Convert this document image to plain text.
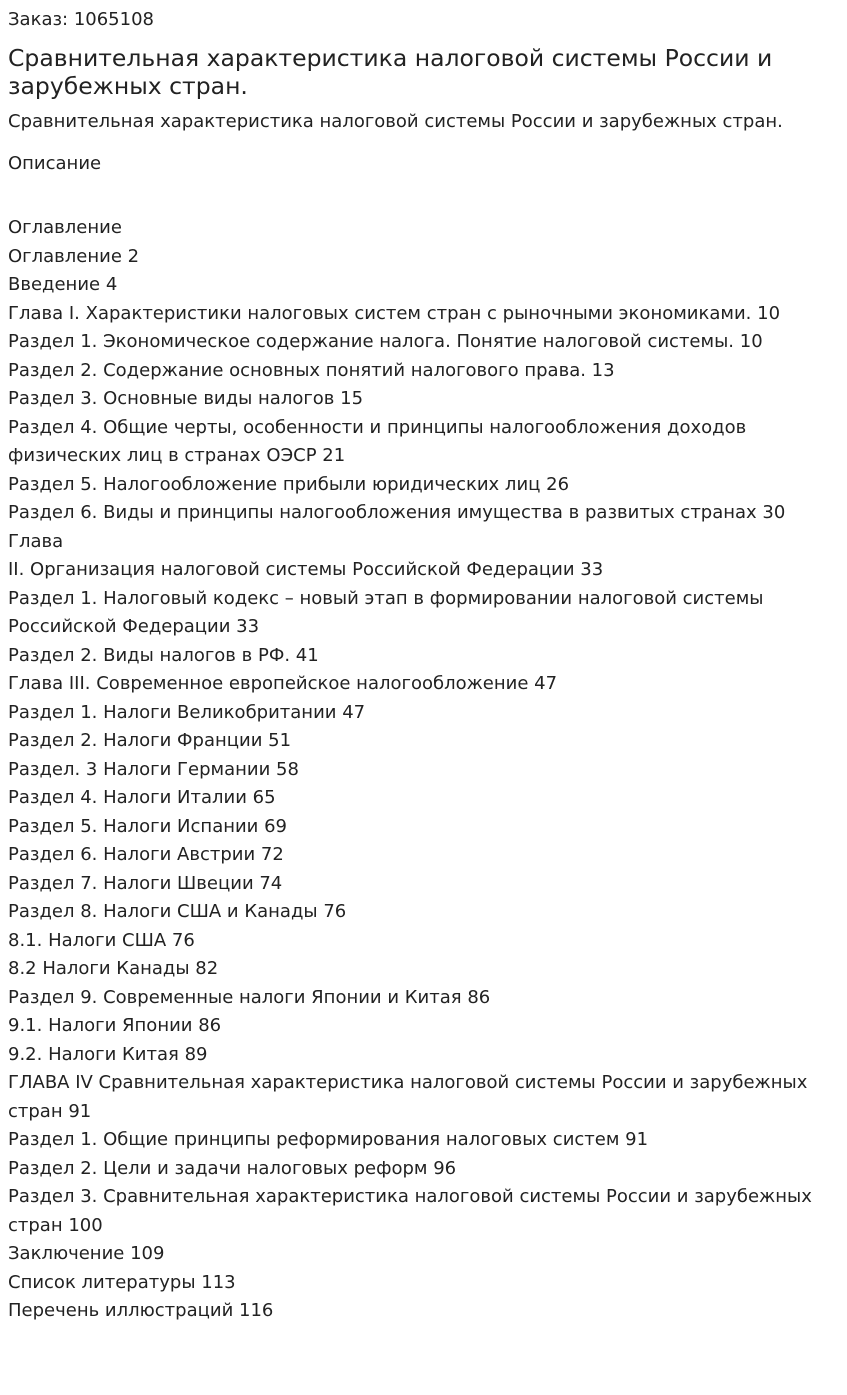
Заказ: 1065108
Сравнительная характеристика налоговой системы России и зарубежных стран.
Сравнительная характеристика налоговой системы России и зарубежных стран.
Описание
Оглавление
Оглавление 2
Введение 4
Глава I. Характеристики налоговых систем стран с рыночными экономиками. 10
Раздел 1. Экономическое содержание налога. Понятие налоговой системы. 10
Раздел 2. Содержание основных понятий налогового права. 13
Раздел 3. Основные виды налогов 15
Раздел 4. Общие черты, особенности и принципы налогообложения доходов физических лиц в странах ОЭСР 21
Раздел 5. Налогообложение прибыли юридических лиц 26
Раздел 6. Виды и принципы налогообложения имущества в развитых странах 30
Глава
II. Организация налоговой системы Российской Федерации 33
Раздел 1. Налоговый кодекс – новый этап в формировании налоговой системы Российской Федерации 33
Раздел 2. Виды налогов в РФ. 41
Глава III. Современное европейское налогообложение 47
Раздел 1. Налоги Великобритании 47
Раздел 2. Налоги Франции 51
Раздел. 3 Налоги Германии 58
Раздел 4. Налоги Италии 65
Раздел 5. Налоги Испании 69
Раздел 6. Налоги Австрии 72
Раздел 7. Налоги Швеции 74
Раздел 8. Налоги США и Канады 76
8.1. Налоги США 76
8.2 Налоги Канады 82
Раздел 9. Современные налоги Японии и Китая 86
9.1. Налоги Японии 86
9.2. Налоги Китая 89
ГЛАВА IV Сравнительная характеристика налоговой системы России и зарубежных стран 91
Раздел 1. Общие принципы реформирования налоговых систем 91
Раздел 2. Цели и задачи налоговых реформ 96
Раздел 3. Сравнительная характеристика налоговой системы России и зарубежных стран 100
Заключение 109
Список литературы 113
Перечень иллюстраций 116
